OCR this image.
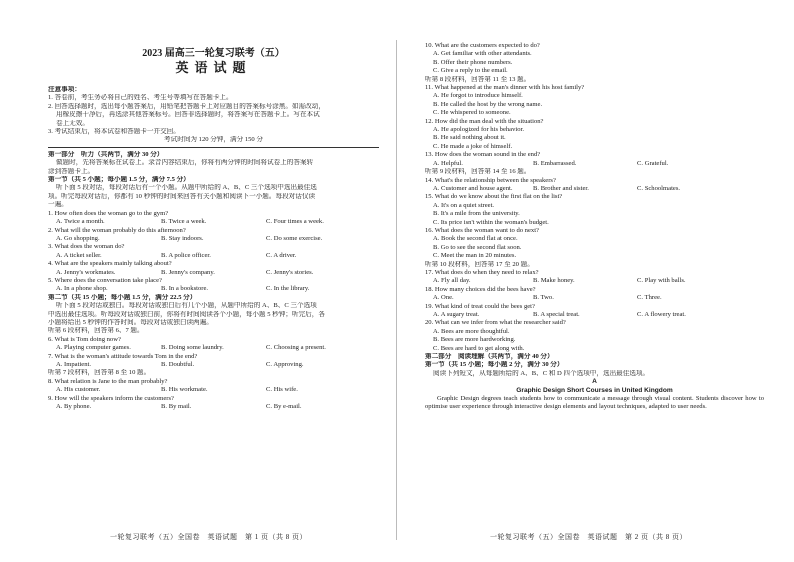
2023 届高三一轮复习联考（五）
英语试题
注意事项：
1. 答卷前，考生务必将自己的姓名、考生号等填写在答题卡上。
2. 回答选择题时，选出每小题答案后，用铅笔把答题卡上对应题目的答案标号涂黑。如需改动，
用橡皮擦干净后，再选涂其他答案标号。回答非选择题时，将答案写在答题卡上。写在本试
卷上无效。
3. 考试结束后，将本试卷和答题卡一并交回。
考试时间为 120 分钟，满分 150 分
第一部分　听力（共两节，满分 30 分）
做题时，先将答案标在试卷上。录音内容结束后，你将有两分钟的时间将试卷上的答案转
涂到答题卡上。
第一节（共 5 小题；每小题 1.5 分，满分 7.5 分）
听下面 5 段对话，每段对话后有一个小题。从题中所给的 A、B、C 三个选项中选出最佳选
项。听完每段对话后，你都有 10 秒钟的时间来回答有关小题和阅读下一小题。每段对话仅读
一遍。
1. How often does the woman go to the gym?
A. Twice a month.	B. Twice a week.	C. Four times a week.
2. What will the woman probably do this afternoon?
A. Go shopping.	B. Stay indoors.	C. Do some exercise.
3. What does the woman do?
A. A ticket seller.	B. A police officer.	C. A driver.
4. What are the speakers mainly talking about?
A. Jenny's workmates.	B. Jenny's company.	C. Jenny's stories.
5. Where does the conversation take place?
A. In a phone shop.	B. In a bookstore.	C. In the library.
第二节（共 15 小题；每小题 1.5 分，满分 22.5 分）
听下面 5 段对话或独白。每段对话或独白后有几个小题，从题中所给的 A、B、C 三个选项
中选出最佳选项。听每段对话或独白前，你将有时间阅读各个小题，每小题 5 秒钟；听完后，各
小题将给出 5 秒钟的作答时间。每段对话或独白读两遍。
听第 6 段材料，回答第 6、7 题。
6. What is Tom doing now?
A. Playing computer games.	B. Doing some laundry.	C. Choosing a present.
7. What is the woman's attitude towards Tom in the end?
A. Impatient.	B. Doubtful.	C. Approving.
听第 7 段材料，回答第 8 至 10 题。
8. What relation is Jane to the man probably?
A. His customer.	B. His workmate.	C. His wife.
9. How will the speakers inform the customers?
A. By phone.	B. By mail.	C. By e-mail.
10. What are the customers expected to do?
A. Get familiar with other attendants.
B. Offer their phone numbers.
C. Give a reply to the email.
听第 8 段材料，回答第 11 至 13 题。
11. What happened at the man's dinner with his host family?
A. He forgot to introduce himself.
B. He called the host by the wrong name.
C. He whispered to someone.
12. How did the man deal with the situation?
A. He apologized for his behavior.
B. He said nothing about it.
C. He made a joke of himself.
13. How does the woman sound in the end?
A. Helpful.	B. Embarrassed.	C. Grateful.
听第 9 段材料，回答第 14 至 16 题。
14. What's the relationship between the speakers?
A. Customer and house agent.	B. Brother and sister.	C. Schoolmates.
15. What do we know about the first flat on the list?
A. It's on a quiet street.
B. It's a mile from the university.
C. Its price isn't within the woman's budget.
16. What does the woman want to do next?
A. Book the second flat at once.
B. Go to see the second flat soon.
C. Meet the man in 20 minutes.
听第 10 段材料，回答第 17 至 20 题。
17. What does do when they need to relax?
A. Fly all day.	B. Make honey.	C. Play with balls.
18. How many choices did the bees have?
A. One.	B. Two.	C. Three.
19. What kind of treat could the bees get?
A. A sugary treat.	B. A special treat.	C. A flowery treat.
20. What can we infer from what the researcher said?
A. Bees are more thoughtful.
B. Bees are more hardworking.
C. Bees are hard to get along with.
第二部分　阅读理解（共两节，满分 40 分）
第一节（共 15 小题；每小题 2 分，满分 30 分）
阅读下列短文，从每题所给的 A、B、C 和 D 四个选项中，选出最佳选项。
A
Graphic Design Short Courses in United Kingdom
Graphic Design degrees teach students how to communicate a message through visual content. Students discover how to optimise user experience through interactive design elements and layout techniques, adapted to user needs.
一轮复习联考（五）全国卷　英语试题　第 1 页（共 8 页）	一轮复习联考（五）全国卷　英语试题　第 2 页（共 8 页）
